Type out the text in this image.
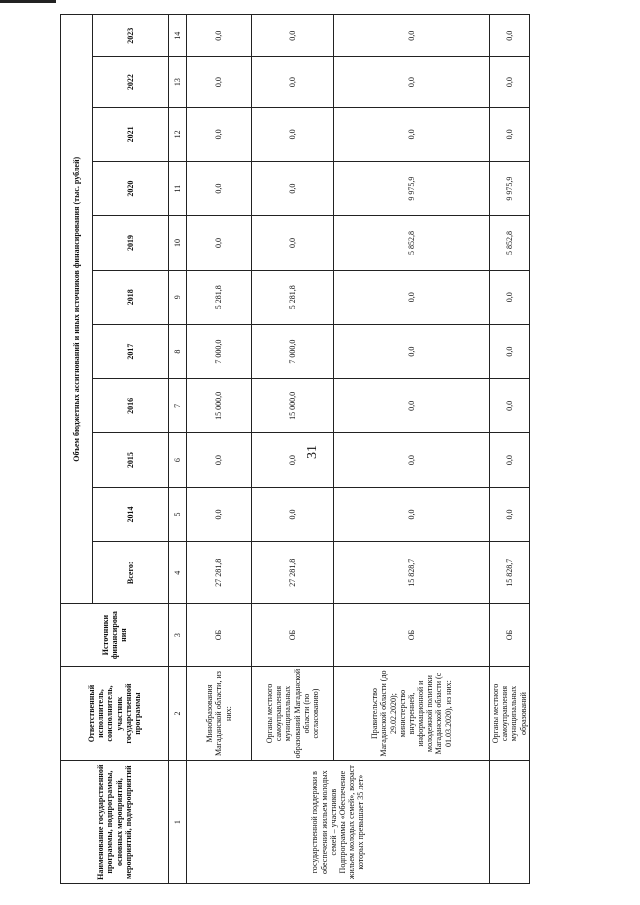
31
Наименование государственной программы, подпрограммы, основных мероприятий, мероприятий, подмероприятий	Ответственный исполнитель, соисполнитель, участник государственной программы	Источники финансирова ния	Объем бюджетных ассигнований и иных источников финансирования (тыс. рублей)										
			Всего:	2014	2015	2016	2017	2018	2019	2020	2021	2022	2023
1	2	3	4	5	6	7	8	9	10	11	12	13	14
государственной поддержки в обеспечении жильем молодых семей – участников Подпрограммы «Обеспечение жильем молодых семей», возраст которых превышает 35 лет»	Минобразования Магаданской области, из них:	ОБ	27 281,8	0,0	0,0	15 000,0	7 000,0	5 281,8	0,0	0,0	0,0	0,0	0,0
	Органы местного самоуправления муниципальных образований Магаданской области (по согласованию)	ОБ	27 281,8	0,0	0,0	15 000,0	7 000,0	5 281,8	0,0	0,0	0,0	0,0	0,0
	Правительство Магаданской области (до 29.02.2020); министерство внутренней, информационной и молодежной политики Магаданской области (с 01.03.2020), из них:	ОБ	15 828,7	0,0	0,0	0,0	0,0	0,0	5 852,8	9 975,9	0,0	0,0	0,0
	Органы местного самоуправления муниципальных образований	ОБ	15 828,7	0,0	0,0	0,0	0,0	0,0	5 852,8	9 975,9	0,0	0,0	0,0
